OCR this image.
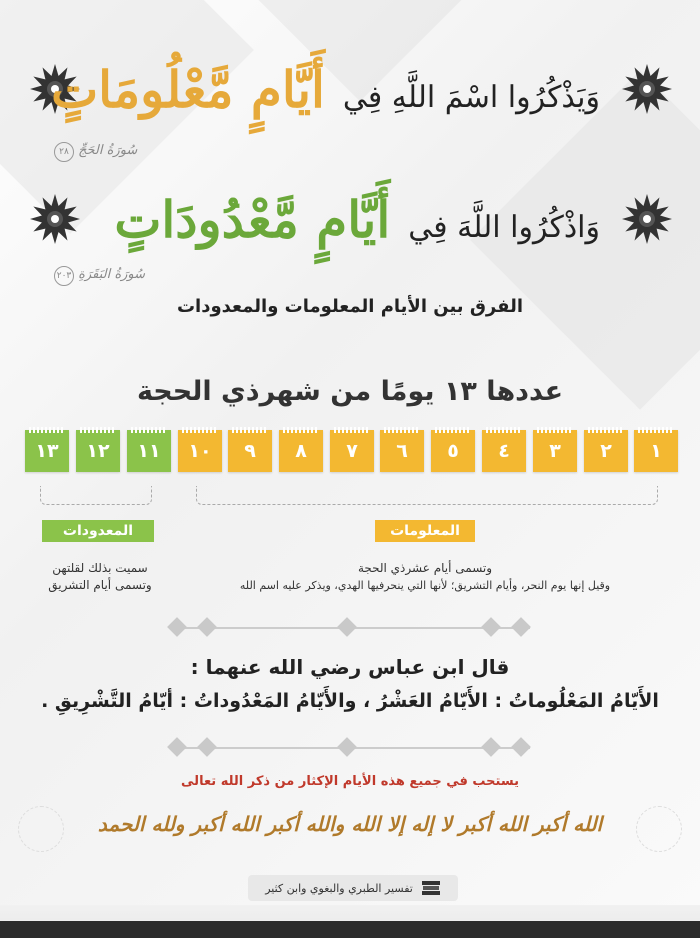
وَيَذْكُرُوا اسْمَ اللَّهِ فِي
أَيَّامٍ مَّعْلُومَاتٍ
سُورَةُ الحَجِّ ٢٨
وَاذْكُرُوا اللَّهَ فِي
أَيَّامٍ مَّعْدُودَاتٍ
سُورَةُ البَقَرَةِ ٢٠٣
الفرق بين الأيام المعلومات والمعدودات
عددها ١٣ يومًا من شهرذي الحجة
١
٢
٣
٤
٥
٦
٧
٨
٩
١٠
١١
١٢
١٣
المعلومات
المعدودات
وتسمى أيام عشرذي الحجة
وقيل إنها يوم النحر، وأيام التشريق؛ لأنها التي ينحرفيها الهدي، ويذكر عليه اسم الله
سميت بذلك لقلتهن
وتسمى أيام التشريق
قال ابن عباس رضي الله عنهما :
الأَيّامُ المَعْلُوماتُ : الأَيّامُ العَشْرُ ، والأَيّامُ المَعْدُوداتُ : أيّامُ التَّشْرِيقِ .
يستحب في جميع هذه الأيام الإكثار من ذكر الله تعالى
الله أكبر الله أكبر لا إله إلا الله والله أكبر الله أكبر ولله الحمد
تفسير الطبري والبغوي وابن كثير
